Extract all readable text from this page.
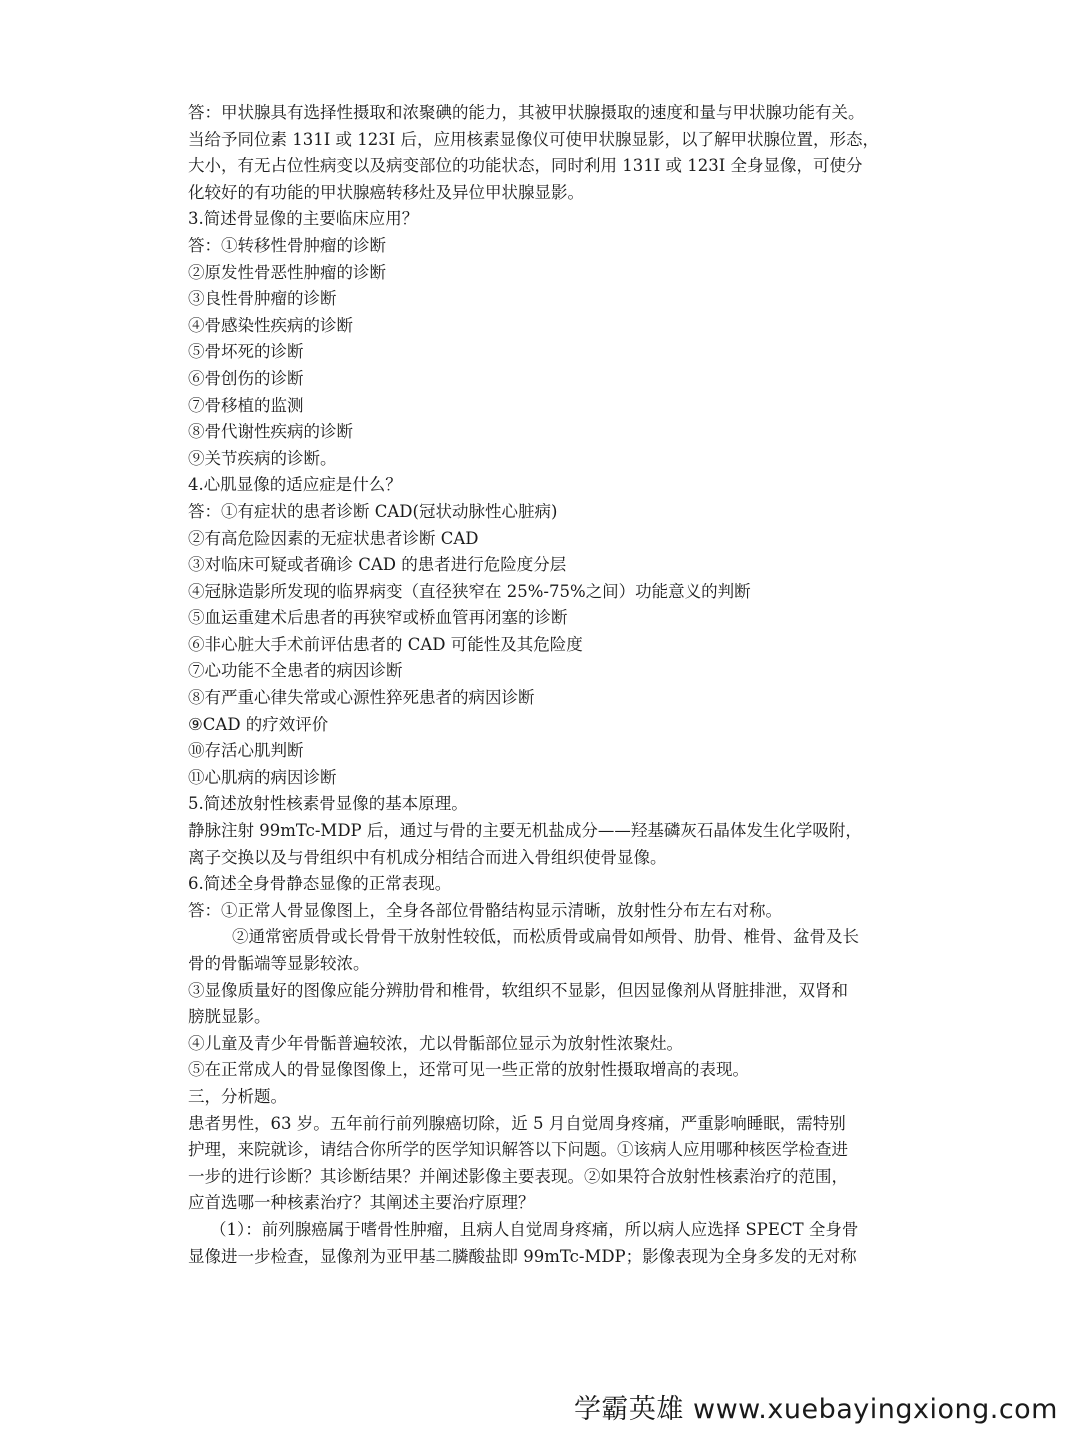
答：甲状腺具有选择性摄取和浓聚碘的能力，其被甲状腺摄取的速度和量与甲状腺功能有关。
当给予同位素 131I 或 123I 后，应用核素显像仪可使甲状腺显影，以了解甲状腺位置，形态，
大小，有无占位性病变以及病变部位的功能状态，同时利用 131I 或 123I 全身显像，可使分
化较好的有功能的甲状腺癌转移灶及异位甲状腺显影。
3.简述骨显像的主要临床应用？
答：①转移性骨肿瘤的诊断
②原发性骨恶性肿瘤的诊断
③良性骨肿瘤的诊断
④骨感染性疾病的诊断
⑤骨坏死的诊断
⑥骨创伤的诊断
⑦骨移植的监测
⑧骨代谢性疾病的诊断
⑨关节疾病的诊断。
4.心肌显像的适应症是什么？
答：①有症状的患者诊断 CAD(冠状动脉性心脏病)
②有高危险因素的无症状患者诊断 CAD
③对临床可疑或者确诊 CAD 的患者进行危险度分层
④冠脉造影所发现的临界病变（直径狭窄在 25%-75%之间）功能意义的判断
⑤血运重建术后患者的再狭窄或桥血管再闭塞的诊断
⑥非心脏大手术前评估患者的 CAD 可能性及其危险度
⑦心功能不全患者的病因诊断
⑧有严重心律失常或心源性猝死患者的病因诊断
⑨CAD 的疗效评价
⑩存活心肌判断
⑪心肌病的病因诊断
5.简述放射性核素骨显像的基本原理。
静脉注射 99mTc-MDP 后，通过与骨的主要无机盐成分——羟基磷灰石晶体发生化学吸附，
离子交换以及与骨组织中有机成分相结合而进入骨组织使骨显像。
6.简述全身骨静态显像的正常表现。
答：①正常人骨显像图上，全身各部位骨骼结构显示清晰，放射性分布左右对称。
②通常密质骨或长骨骨干放射性较低，而松质骨或扁骨如颅骨、肋骨、椎骨、盆骨及长
骨的骨骺端等显影较浓。
③显像质量好的图像应能分辨肋骨和椎骨，软组织不显影，但因显像剂从肾脏排泄，双肾和
膀胱显影。
④儿童及青少年骨骺普遍较浓，尤以骨骺部位显示为放射性浓聚灶。
⑤在正常成人的骨显像图像上，还常可见一些正常的放射性摄取增高的表现。
三，分析题。
患者男性，63 岁。五年前行前列腺癌切除，近 5 月自觉周身疼痛，严重影响睡眠，需特别
护理，来院就诊，请结合你所学的医学知识解答以下问题。①该病人应用哪种核医学检查进
一步的进行诊断？其诊断结果？并阐述影像主要表现。②如果符合放射性核素治疗的范围，
应首选哪一种核素治疗？其阐述主要治疗原理？
（1）：前列腺癌属于嗜骨性肿瘤，且病人自觉周身疼痛，所以病人应选择 SPECT 全身骨
显像进一步检查，显像剂为亚甲基二膦酸盐即 99mTc-MDP；影像表现为全身多发的无对称
学霸英雄 www.xuebayingxiong.com
